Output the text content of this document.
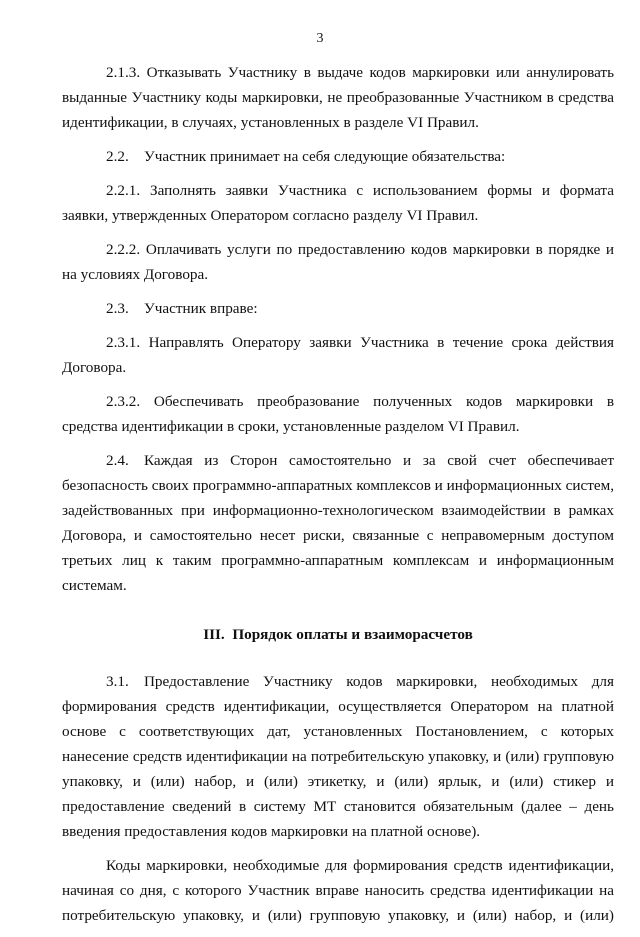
3

2.1.3. Отказывать Участнику в выдаче кодов маркировки или аннулировать выданные Участнику коды маркировки, не преобразованные Участником в средства идентификации, в случаях, установленных в разделе VI Правил.

2.2. Участник принимает на себя следующие обязательства:

2.2.1. Заполнять заявки Участника с использованием формы и формата заявки, утвержденных Оператором согласно разделу VI Правил.

2.2.2. Оплачивать услуги по предоставлению кодов маркировки в порядке и на условиях Договора.

2.3. Участник вправе:

2.3.1. Направлять Оператору заявки Участника в течение срока действия Договора.

2.3.2. Обеспечивать преобразование полученных кодов маркировки в средства идентификации в сроки, установленные разделом VI Правил.

2.4. Каждая из Сторон самостоятельно и за свой счет обеспечивает безопасность своих программно-аппаратных комплексов и информационных систем, задействованных при информационно-технологическом взаимодействии в рамках Договора, и самостоятельно несет риски, связанные с неправомерным доступом третьих лиц к таким программно-аппаратным комплексам и информационным системам.

III. Порядок оплаты и взаиморасчетов

3.1. Предоставление Участнику кодов маркировки, необходимых для формирования средств идентификации, осуществляется Оператором на платной основе с соответствующих дат, установленных Постановлением, с которых нанесение средств идентификации на потребительскую упаковку, и (или) групповую упаковку, и (или) набор, и (или) этикетку, и (или) ярлык, и (или) стикер и предоставление сведений в систему МТ становится обязательным (далее – день введения предоставления кодов маркировки на платной основе).

Коды маркировки, необходимые для формирования средств идентификации, начиная со дня, с которого Участник вправе наносить средства идентификации на потребительскую упаковку, и (или) групповую упаковку, и (или) набор, и (или)
